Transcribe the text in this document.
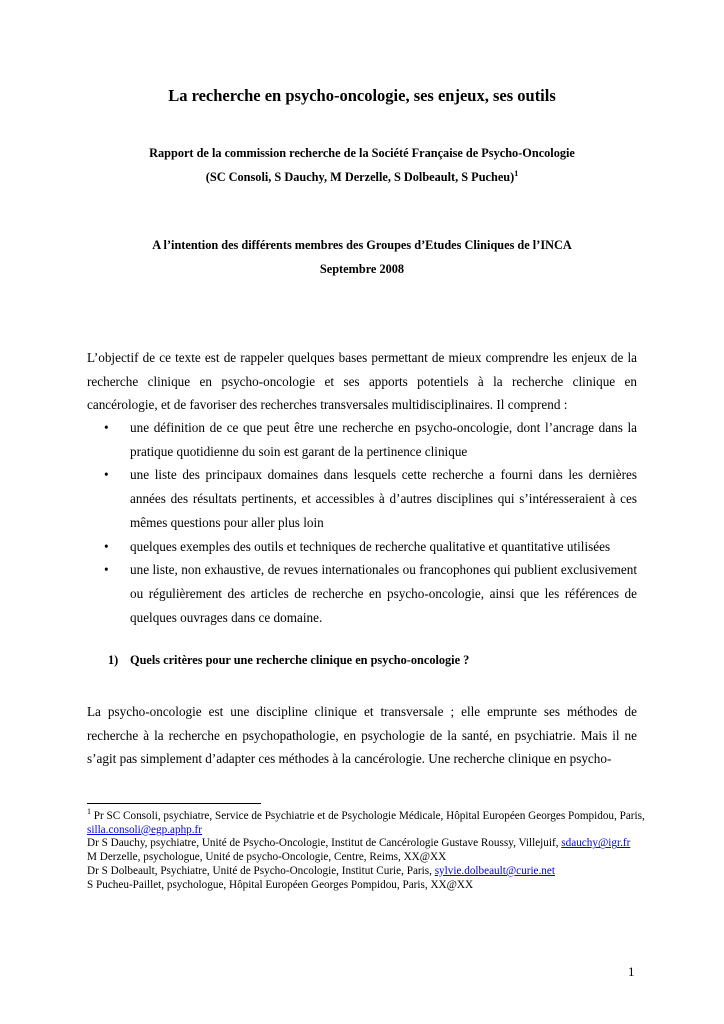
La recherche en psycho-oncologie, ses enjeux, ses outils
Rapport de la commission recherche de la Société Française de Psycho-Oncologie
(SC Consoli, S Dauchy, M Derzelle, S Dolbeault, S Pucheu)$^1$
A l’intention des différents membres des Groupes d’Etudes Cliniques de l’INCA
Septembre 2008

L’objectif de ce texte est de rappeler quelques bases permettant de mieux comprendre les enjeux de la recherche clinique en psycho-oncologie et ses apports potentiels à la recherche clinique en cancérologie, et de favoriser des recherches transversales multidisciplinaires. Il comprend :

• une définition de ce que peut être une recherche en psycho-oncologie, dont l’ancrage dans la pratique quotidienne du soin est garant de la pertinence clinique
• une liste des principaux domaines dans lesquels cette recherche a fourni dans les dernières années des résultats pertinents, et accessibles à d’autres disciplines qui s’intéresseraient à ces mêmes questions pour aller plus loin
• quelques exemples des outils et techniques de recherche qualitative et quantitative utilisées
• une liste, non exhaustive, de revues internationales ou francophones qui publient exclusivement ou régulièrement des articles de recherche en psycho-oncologie, ainsi que les références de quelques ouvrages dans ce domaine.
1) Quels critères pour une recherche clinique en psycho-oncologie ?

La psycho-oncologie est une discipline clinique et transversale ; elle emprunte ses méthodes de recherche à la recherche en psychopathologie, en psychologie de la santé, en psychiatrie. Mais il ne s’agit pas simplement d’adapter ces méthodes à la cancérologie. Une recherche clinique en psycho-

$^1$ Pr SC Consoli, psychiatre, Service de Psychiatrie et de Psychologie Médicale, Hôpital Européen Georges Pompidou, Paris, silla.consoli@egp.aphp.fr
Dr S Dauchy, psychiatre, Unité de Psycho-Oncologie, Institut de Cancérologie Gustave Roussy, Villejuif, sdauchy@igr.fr
M Derzelle, psychologue, Unité de psycho-Oncologie, Centre, Reims, XX@XX
Dr S Dolbeault, Psychiatre, Unité de Psycho-Oncologie, Institut Curie, Paris, sylvie.dolbeault@curie.net
S Pucheu-Paillet, psychologue, Hôpital Européen Georges Pompidou, Paris, XX@XX
1
